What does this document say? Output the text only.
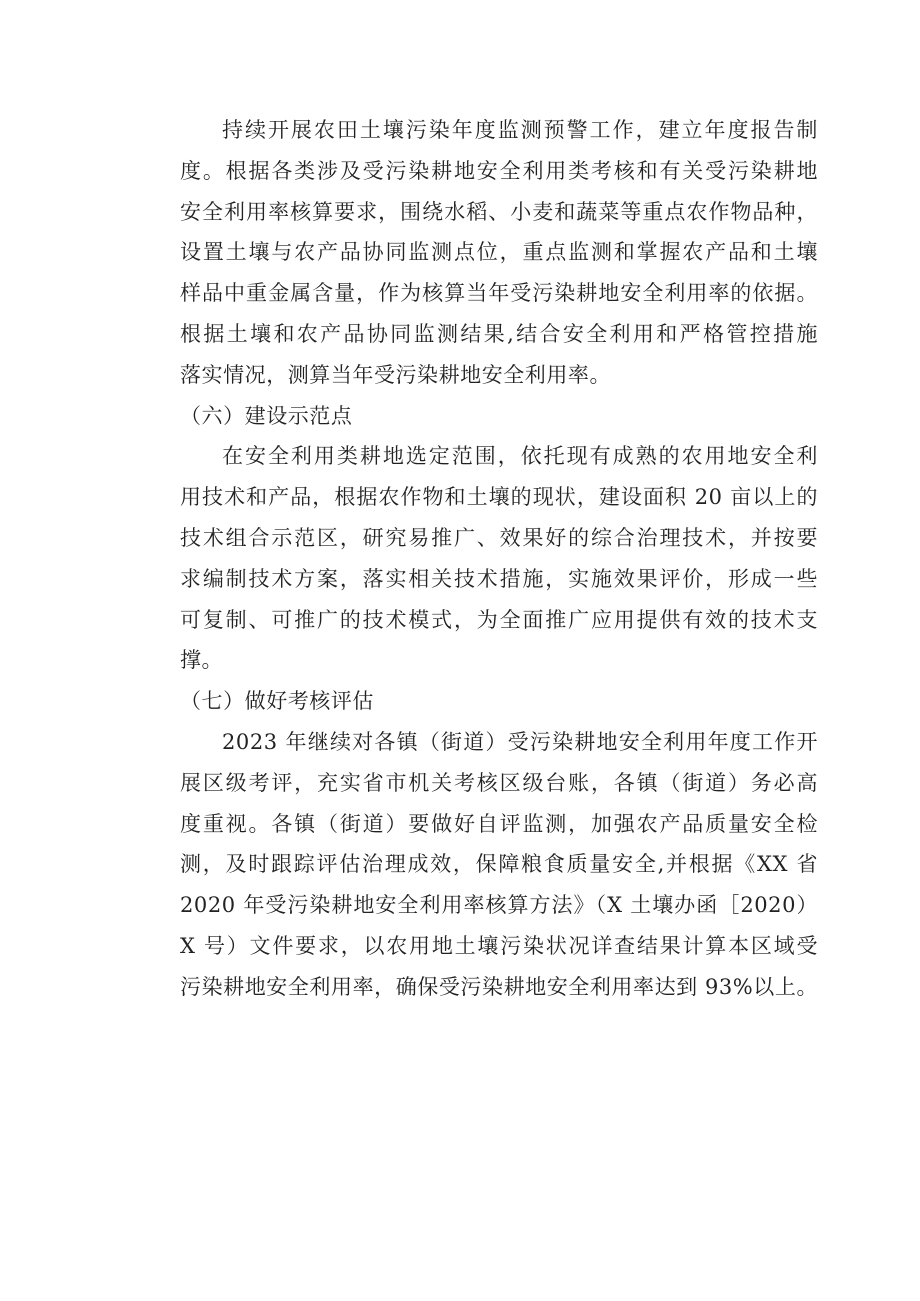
持续开展农田土壤污染年度监测预警工作，建立年度报告制
度。根据各类涉及受污染耕地安全利用类考核和有关受污染耕地
安全利用率核算要求，围绕水稻、小麦和蔬菜等重点农作物品种，
设置土壤与农产品协同监测点位，重点监测和掌握农产品和土壤
样品中重金属含量，作为核算当年受污染耕地安全利用率的依据。
根据土壤和农产品协同监测结果,结合安全利用和严格管控措施
落实情况，测算当年受污染耕地安全利用率。
（六）建设示范点
在安全利用类耕地选定范围，依托现有成熟的农用地安全利
用技术和产品，根据农作物和土壤的现状，建设面积 20 亩以上的
技术组合示范区，研究易推广、效果好的综合治理技术，并按要
求编制技术方案，落实相关技术措施，实施效果评价，形成一些
可复制、可推广的技术模式，为全面推广应用提供有效的技术支
撑。
（七）做好考核评估
2023 年继续对各镇（街道）受污染耕地安全利用年度工作开
展区级考评，充实省市机关考核区级台账，各镇（街道）务必高
度重视。各镇（街道）要做好自评监测，加强农产品质量安全检
测，及时跟踪评估治理成效，保障粮食质量安全,并根据《XX 省
2020 年受污染耕地安全利用率核算方法》（X 土壤办函［2020）
X 号）文件要求，以农用地土壤污染状况详查结果计算本区域受
污染耕地安全利用率，确保受污染耕地安全利用率达到 93%以上。
